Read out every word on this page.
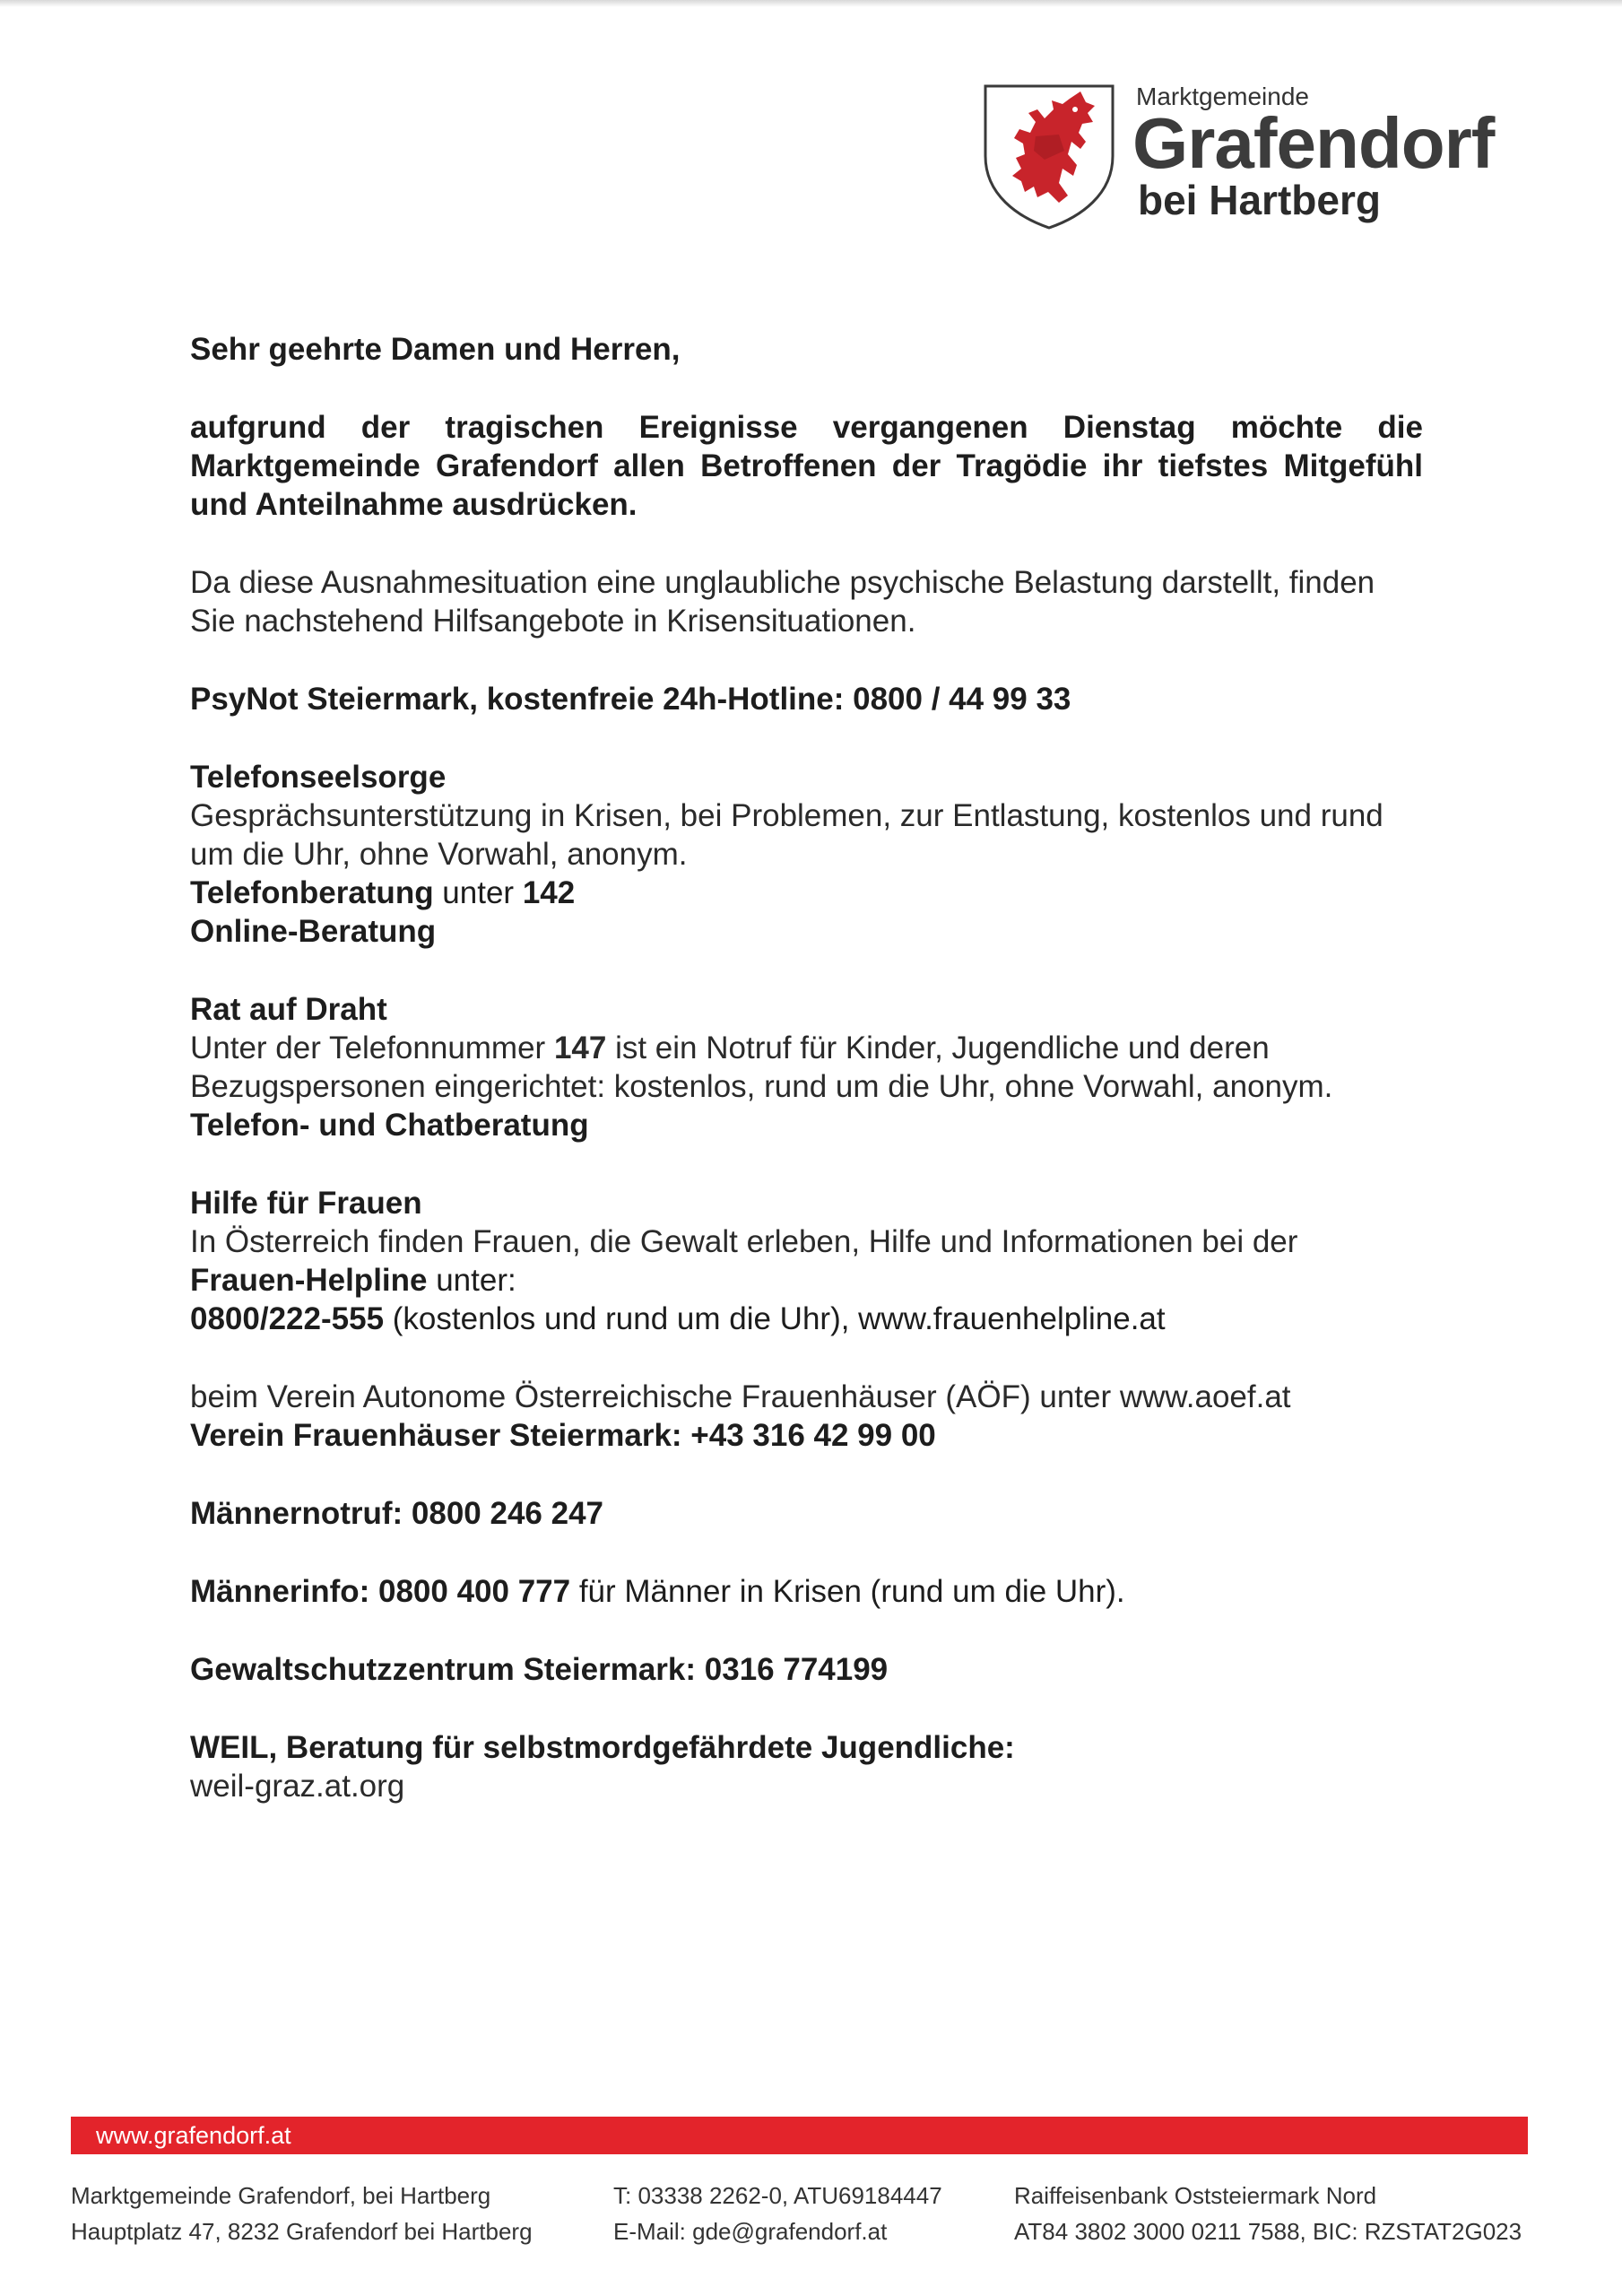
Marktgemeinde
Grafendorf
bei Hartberg

Sehr geehrte Damen und Herren,

aufgrund der tragischen Ereignisse vergangenen Dienstag möchte die Marktgemeinde Grafendorf allen Betroffenen der Tragödie ihr tiefstes Mitgefühl und Anteilnahme ausdrücken.

Da diese Ausnahmesituation eine unglaubliche psychische Belastung darstellt, finden Sie nachstehend Hilfsangebote in Krisensituationen.

PsyNot Steiermark, kostenfreie 24h-Hotline: 0800 / 44 99 33

Telefonseelsorge

Gesprächsunterstützung in Krisen, bei Problemen, zur Entlastung, kostenlos und rund um die Uhr, ohne Vorwahl, anonym.

Telefonberatung unter 142

Online-Beratung

Rat auf Draht

Unter der Telefonnummer 147 ist ein Notruf für Kinder, Jugendliche und deren Bezugspersonen eingerichtet: kostenlos, rund um die Uhr, ohne Vorwahl, anonym.

Telefon- und Chatberatung

Hilfe für Frauen

In Österreich finden Frauen, die Gewalt erleben, Hilfe und Informationen bei der

Frauen-Helpline unter:

0800/222-555 (kostenlos und rund um die Uhr), www.frauenhelpline.at

beim Verein Autonome Österreichische Frauenhäuser (AÖF) unter www.aoef.at

Verein Frauenhäuser Steiermark: +43 316 42 99 00

Männernotruf: 0800 246 247

Männerinfo: 0800 400 777 für Männer in Krisen (rund um die Uhr).

Gewaltschutzzentrum Steiermark: 0316 774199

WEIL, Beratung für selbstmordgefährdete Jugendliche:

weil-graz.at.org

www.grafendorf.at
Marktgemeinde Grafendorf, bei Hartberg
Hauptplatz 47, 8232 Grafendorf bei Hartberg
T: 03338 2262-0, ATU69184447
E-Mail: gde@grafendorf.at
Raiffeisenbank Oststeiermark Nord
AT84 3802 3000 0211 7588, BIC: RZSTAT2G023
